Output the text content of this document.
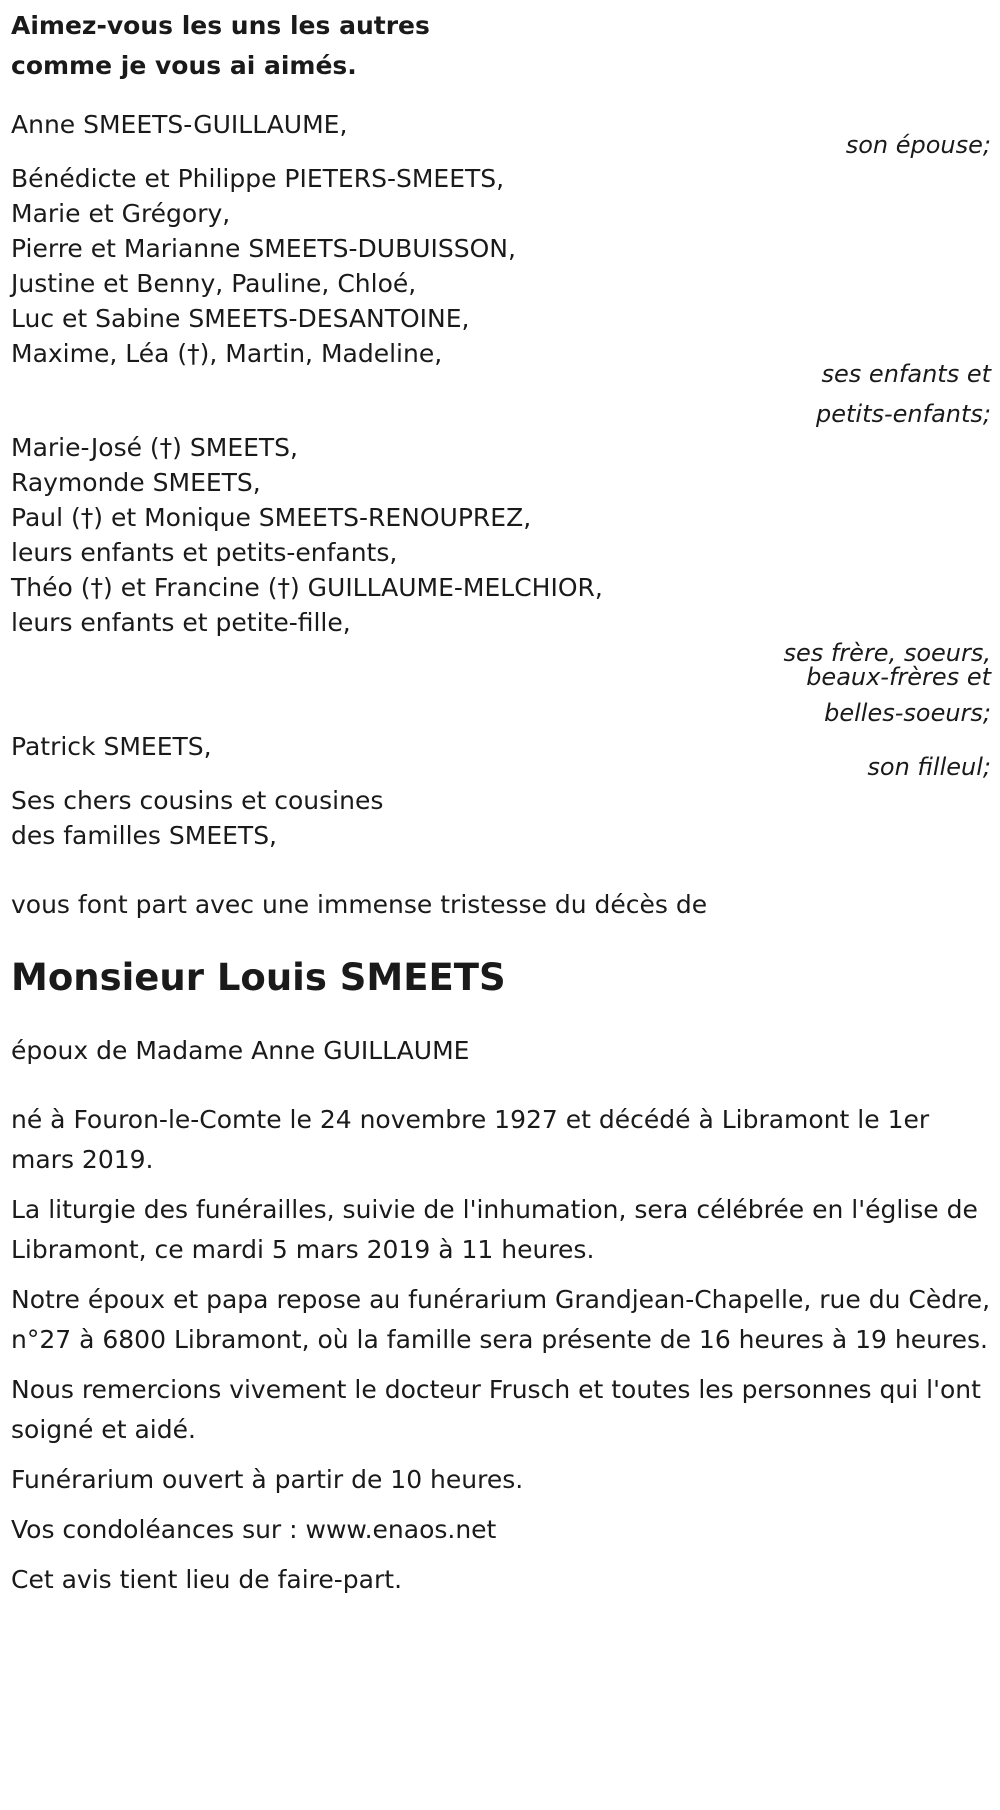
Aimez-vous les uns les autres
comme je vous ai aimés.
Anne SMEETS-GUILLAUME,
son épouse;
Bénédicte et Philippe PIETERS-SMEETS,
Marie et Grégory,
Pierre et Marianne SMEETS-DUBUISSON,
Justine et Benny, Pauline, Chloé,
Luc et Sabine SMEETS-DESANTOINE,
Maxime, Léa (†), Martin, Madeline,
ses enfants et
petits-enfants;
Marie-José (†) SMEETS,
Raymonde SMEETS,
Paul (†) et Monique SMEETS-RENOUPREZ,
leurs enfants et petits-enfants,
Théo (†) et Francine (†) GUILLAUME-MELCHIOR,
leurs enfants et petite-fille,
ses frère, soeurs,
beaux-frères et
belles-soeurs;
Patrick SMEETS,
son filleul;
Ses chers cousins et cousines
des familles SMEETS,
vous font part avec une immense tristesse du décès de
Monsieur Louis SMEETS
époux de Madame Anne GUILLAUME

né à Fouron-le-Comte le 24 novembre 1927 et décédé à Libramont le 1er mars 2019.

La liturgie des funérailles, suivie de l'inhumation, sera célébrée en l'église de Libramont, ce mardi 5 mars 2019 à 11 heures.

Notre époux et papa repose au funérarium Grandjean-Chapelle, rue du Cèdre, n°27 à 6800 Libramont, où la famille sera présente de 16 heures à 19 heures.

Nous remercions vivement le docteur Frusch et toutes les personnes qui l'ont soigné et aidé.

Funérarium ouvert à partir de 10 heures.

Vos condoléances sur : www.enaos.net

Cet avis tient lieu de faire-part.
